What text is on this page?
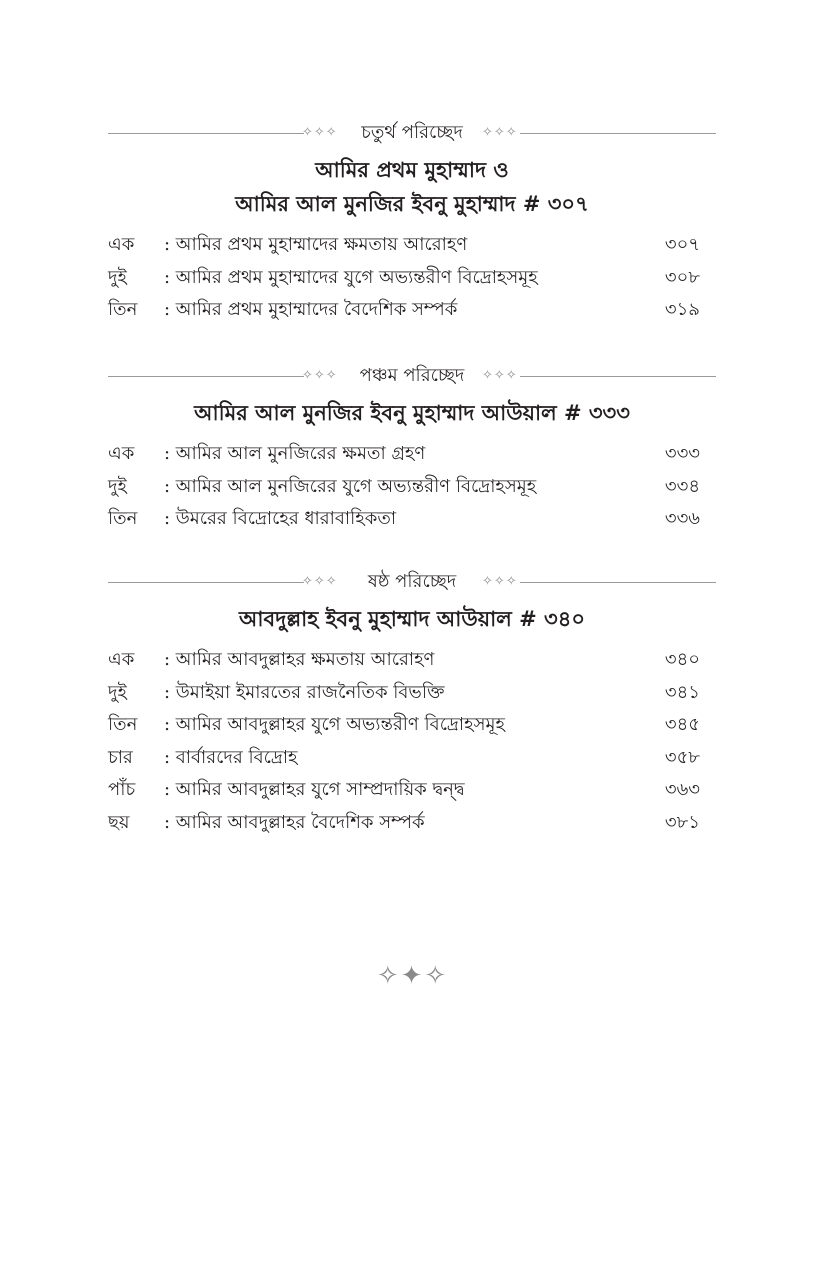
✧✧✧	চতুর্থ পরিচ্ছেদ	✧✧✧
আমির প্রথম মুহাম্মাদ ও
আমির আল মুনজির ইবনু মুহাম্মাদ # ৩০৭
এক	: আমির প্রথম মুহাম্মাদের ক্ষমতায় আরোহণ	৩০৭
দুই	: আমির প্রথম মুহাম্মাদের যুগে অভ্যন্তরীণ বিদ্রোহসমূহ	৩০৮
তিন	: আমির প্রথম মুহাম্মাদের বৈদেশিক সম্পর্ক	৩১৯
✧✧✧	পঞ্চম পরিচ্ছেদ	✧✧✧
আমির আল মুনজির ইবনু মুহাম্মাদ আউয়াল # ৩৩৩
এক	: আমির আল মুনজিরের ক্ষমতা গ্রহণ	৩৩৩
দুই	: আমির আল মুনজিরের যুগে অভ্যন্তরীণ বিদ্রোহসমূহ	৩৩৪
তিন	: উমরের বিদ্রোহের ধারাবাহিকতা	৩৩৬
✧✧✧	ষষ্ঠ পরিচ্ছেদ	✧✧✧
আবদুল্লাহ ইবনু মুহাম্মাদ আউয়াল # ৩৪০
এক	: আমির আবদুল্লাহর ক্ষমতায় আরোহণ	৩৪০
দুই	: উমাইয়া ইমারতের রাজনৈতিক বিভক্তি	৩৪১
তিন	: আমির আবদুল্লাহর যুগে অভ্যন্তরীণ বিদ্রোহসমূহ	৩৪৫
চার	: বার্বারদের বিদ্রোহ	৩৫৮
পাঁচ	: আমির আবদুল্লাহর যুগে সাম্প্রদায়িক দ্বন্দ্ব	৩৬৩
ছয়	: আমির আবদুল্লাহর বৈদেশিক সম্পর্ক	৩৮১
✧✦✧
